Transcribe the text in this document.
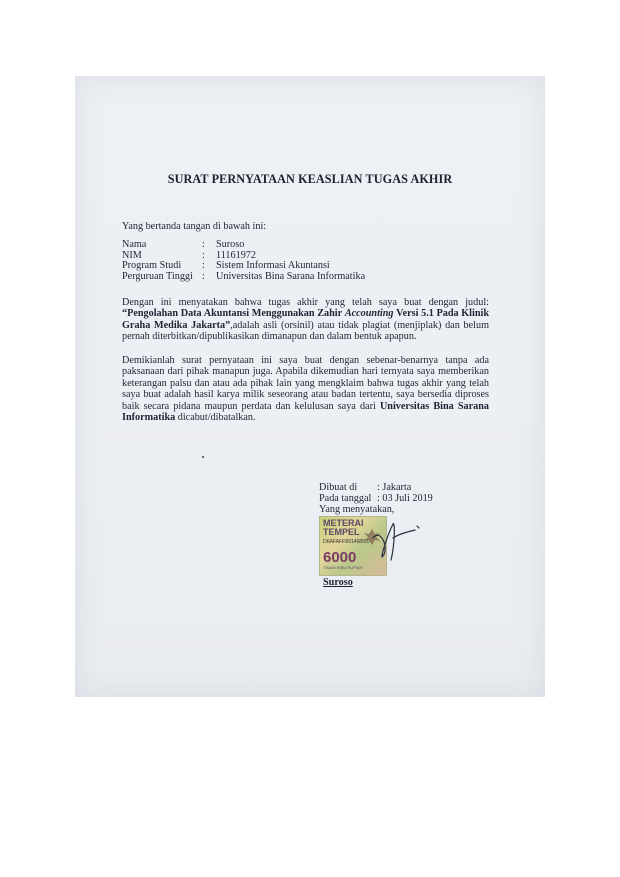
SURAT PERNYATAAN KEASLIAN TUGAS AKHIR
Yang bertanda tangan di bawah ini:
Nama	:	Suroso
NIM	:	11161972
Program Studi	:	Sistem Informasi Akuntansi
Perguruan Tinggi :	Universitas Bina Sarana Informatika
Dengan ini menyatakan bahwa tugas akhir yang telah saya buat dengan judul: “Pengolahan Data Akuntansi Menggunakan Zahir Accounting Versi 5.1 Pada Klinik Graha Medika Jakarta”,adalah asli (orsinil) atau tidak plagiat (menjiplak) dan belum pernah diterbitkan/dipublikasikan dimanapun dan dalam bentuk apapun.
Demikianlah surat pernyataan ini saya buat dengan sebenar-benarnya tanpa ada paksanaan dari pihak manapun juga. Apabila dikemudian hari ternyata saya memberikan keterangan palsu dan atau ada pihak lain yang mengklaim bahwa tugas akhir yang telah saya buat adalah hasil karya milik seseorang atau badan tertentu, saya bersedia diproses baik secara pidana maupun perdata dan kelulusan saya dari Universitas Bina Sarana Informatika dicabut/dibatalkan.
Dibuat di	: Jakarta
Pada tanggal : 03 Juli 2019
Yang menyatakan,
METERAI
TEMPEL
D6AFAFF891468937
6000
ENAM RIBU RUPIAH
Suroso
